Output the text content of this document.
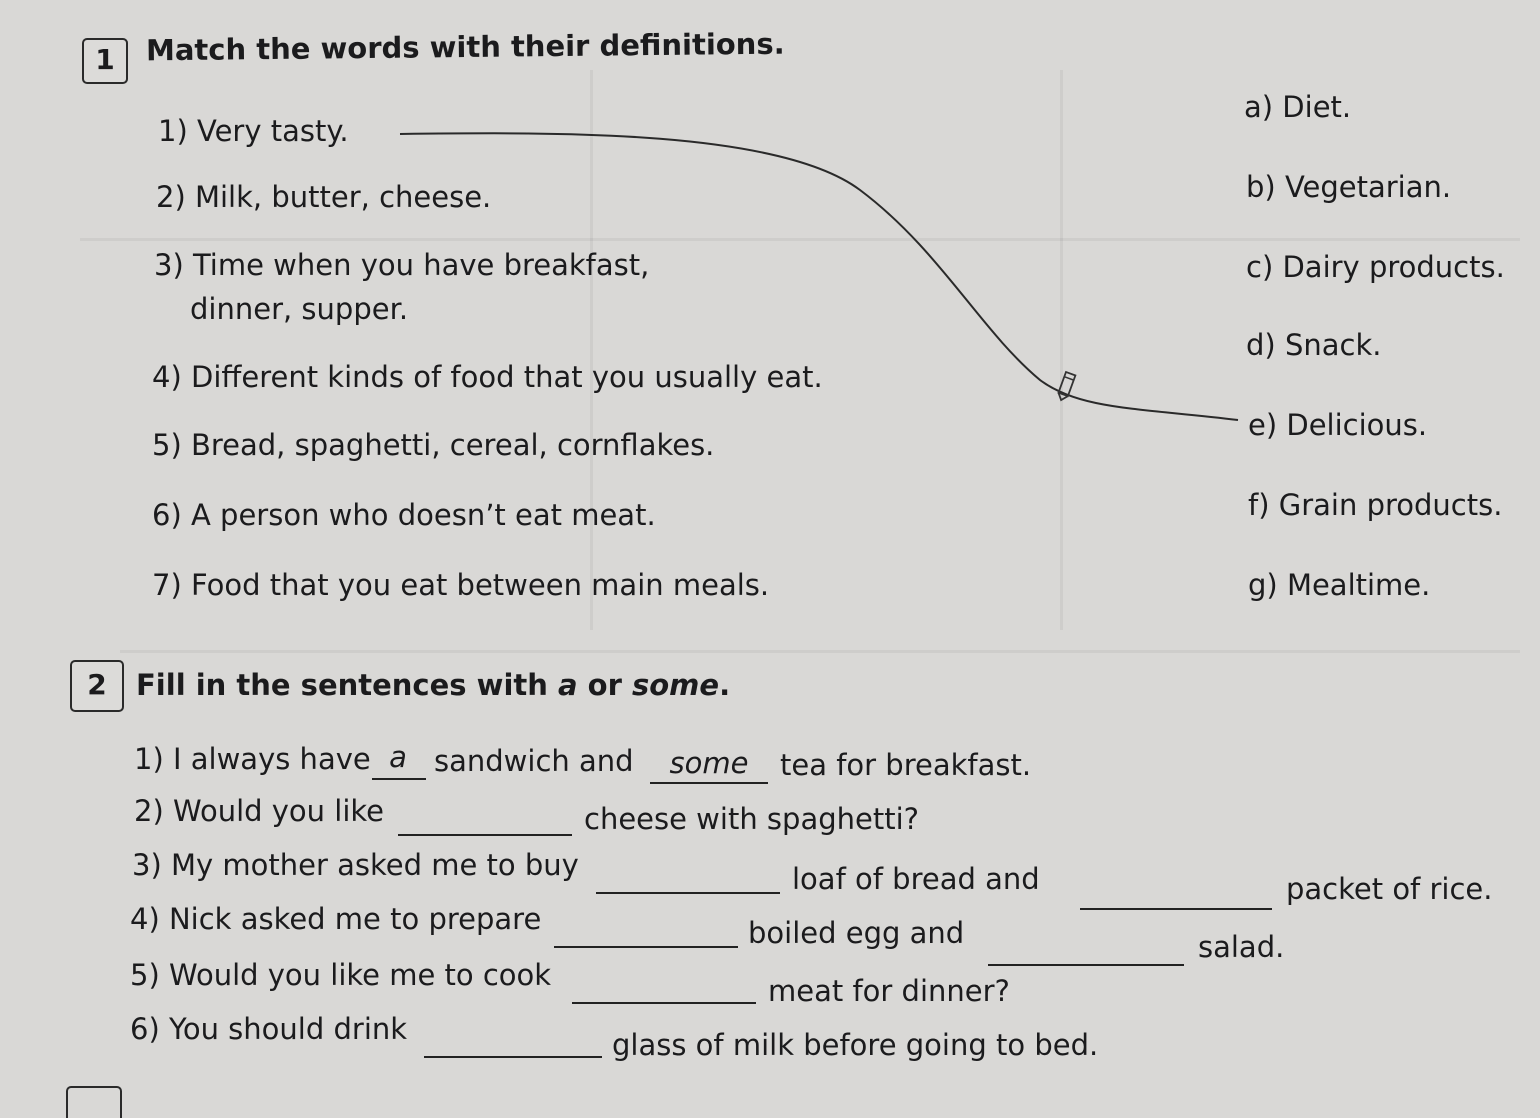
1	Match the words with their definitions.
1) Very tasty.
2) Milk, butter, cheese.
3) Time when you have breakfast,
dinner, supper.
4) Different kinds of food that you usually eat.
5) Bread, spaghetti, cereal, cornflakes.
6) A person who doesn’t eat meat.
7) Food that you eat between main meals.
a) Diet.
b) Vegetarian.
c) Dairy products.
d) Snack.
e) Delicious.
f) Grain products.
g) Mealtime.
2	Fill in the sentences with a or some.
1) I always have a sandwich and	some	tea for breakfast.
2) Would you like	cheese with spaghetti?
3) My mother asked me to buy	loaf of bread and	packet of rice.
4) Nick asked me to prepare	boiled egg and	salad.
5) Would you like me to cook	meat for dinner?
6) You should drink	glass of milk before going to bed.
